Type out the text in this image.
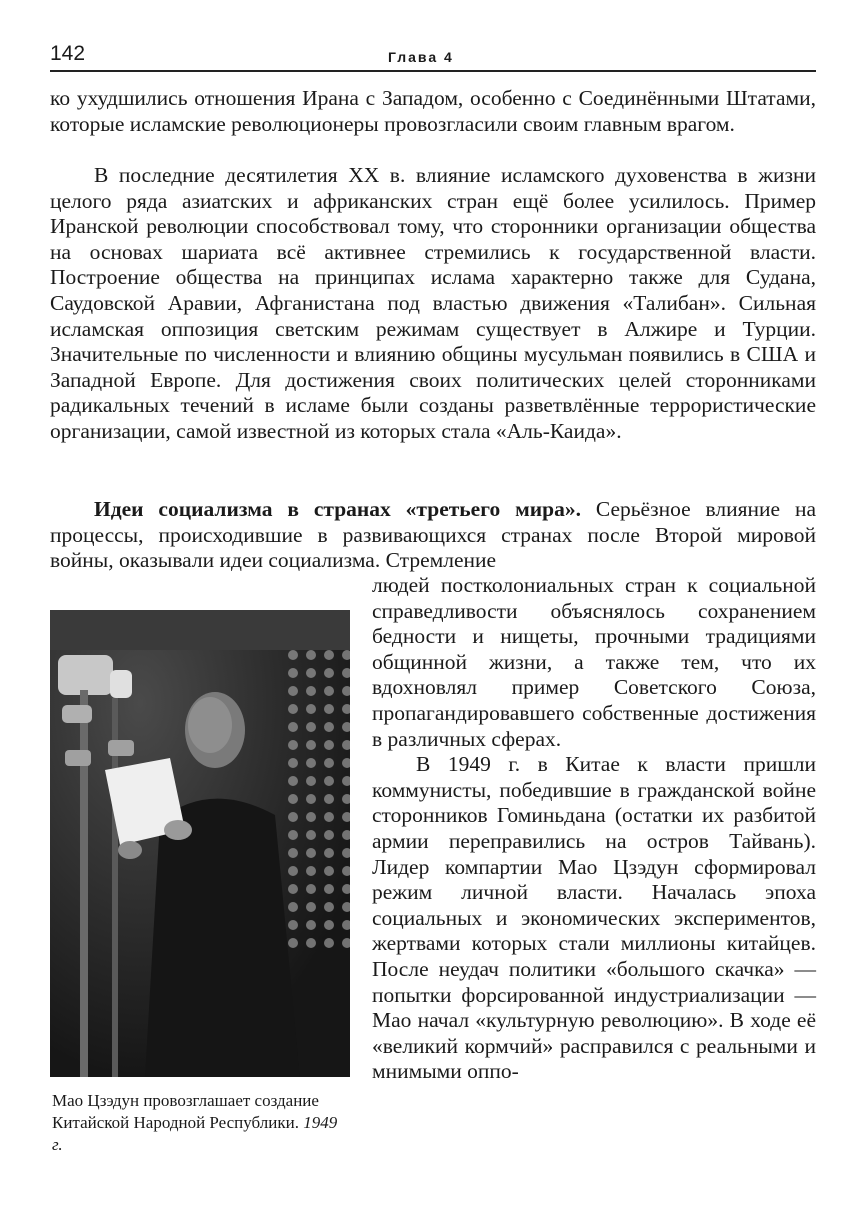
142	Глава 4

ко ухудшились отношения Ирана с Западом, особенно с Соединёнными Штатами, которые исламские революционеры провозгласили своим главным врагом.

В последние десятилетия XX в. влияние исламского духовенства в жизни целого ряда азиатских и африканских стран ещё более усилилось. Пример Иранской революции способствовал тому, что сторонники организации общества на основах шариата всё активнее стремились к государственной власти. Построение общества на принципах ислама характерно также для Судана, Саудовской Аравии, Афганистана под властью движения «Талибан». Сильная исламская оппозиция светским режимам существует в Алжире и Турции. Значительные по численности и влиянию общины мусульман появились в США и Западной Европе. Для достижения своих политических целей сторонниками радикальных течений в исламе были созданы разветвлённые террористические организации, самой известной из которых стала «Аль-Каида».

Идеи социализма в странах «третьего мира». Серьёзное влияние на процессы, происходившие в развивающихся странах после Второй мировой войны, оказывали идеи социализма. Стремление

людей постколониальных стран к социальной справедливости объяснялось сохранением бедности и нищеты, прочными традициями общинной жизни, а также тем, что их вдохновлял пример Советского Союза, пропагандировавшего собственные достижения в различных сферах.

В 1949 г. в Китае к власти пришли коммунисты, победившие в гражданской войне сторонников Гоминьдана (остатки их разбитой армии переправились на остров Тайвань). Лидер компартии Мао Цзэдун сформировал режим личной власти. Началась эпоха социальных и экономических экспериментов, жертвами которых стали миллионы китайцев. После неудач политики «большого скачка» — попытки форсированной индустриализации — Мао начал «культурную революцию». В ходе её «великий кормчий» расправился с реальными и мнимыми оппо-

Мао Цзэдун провозглашает создание Китайской Народной Республики. 1949 г.
